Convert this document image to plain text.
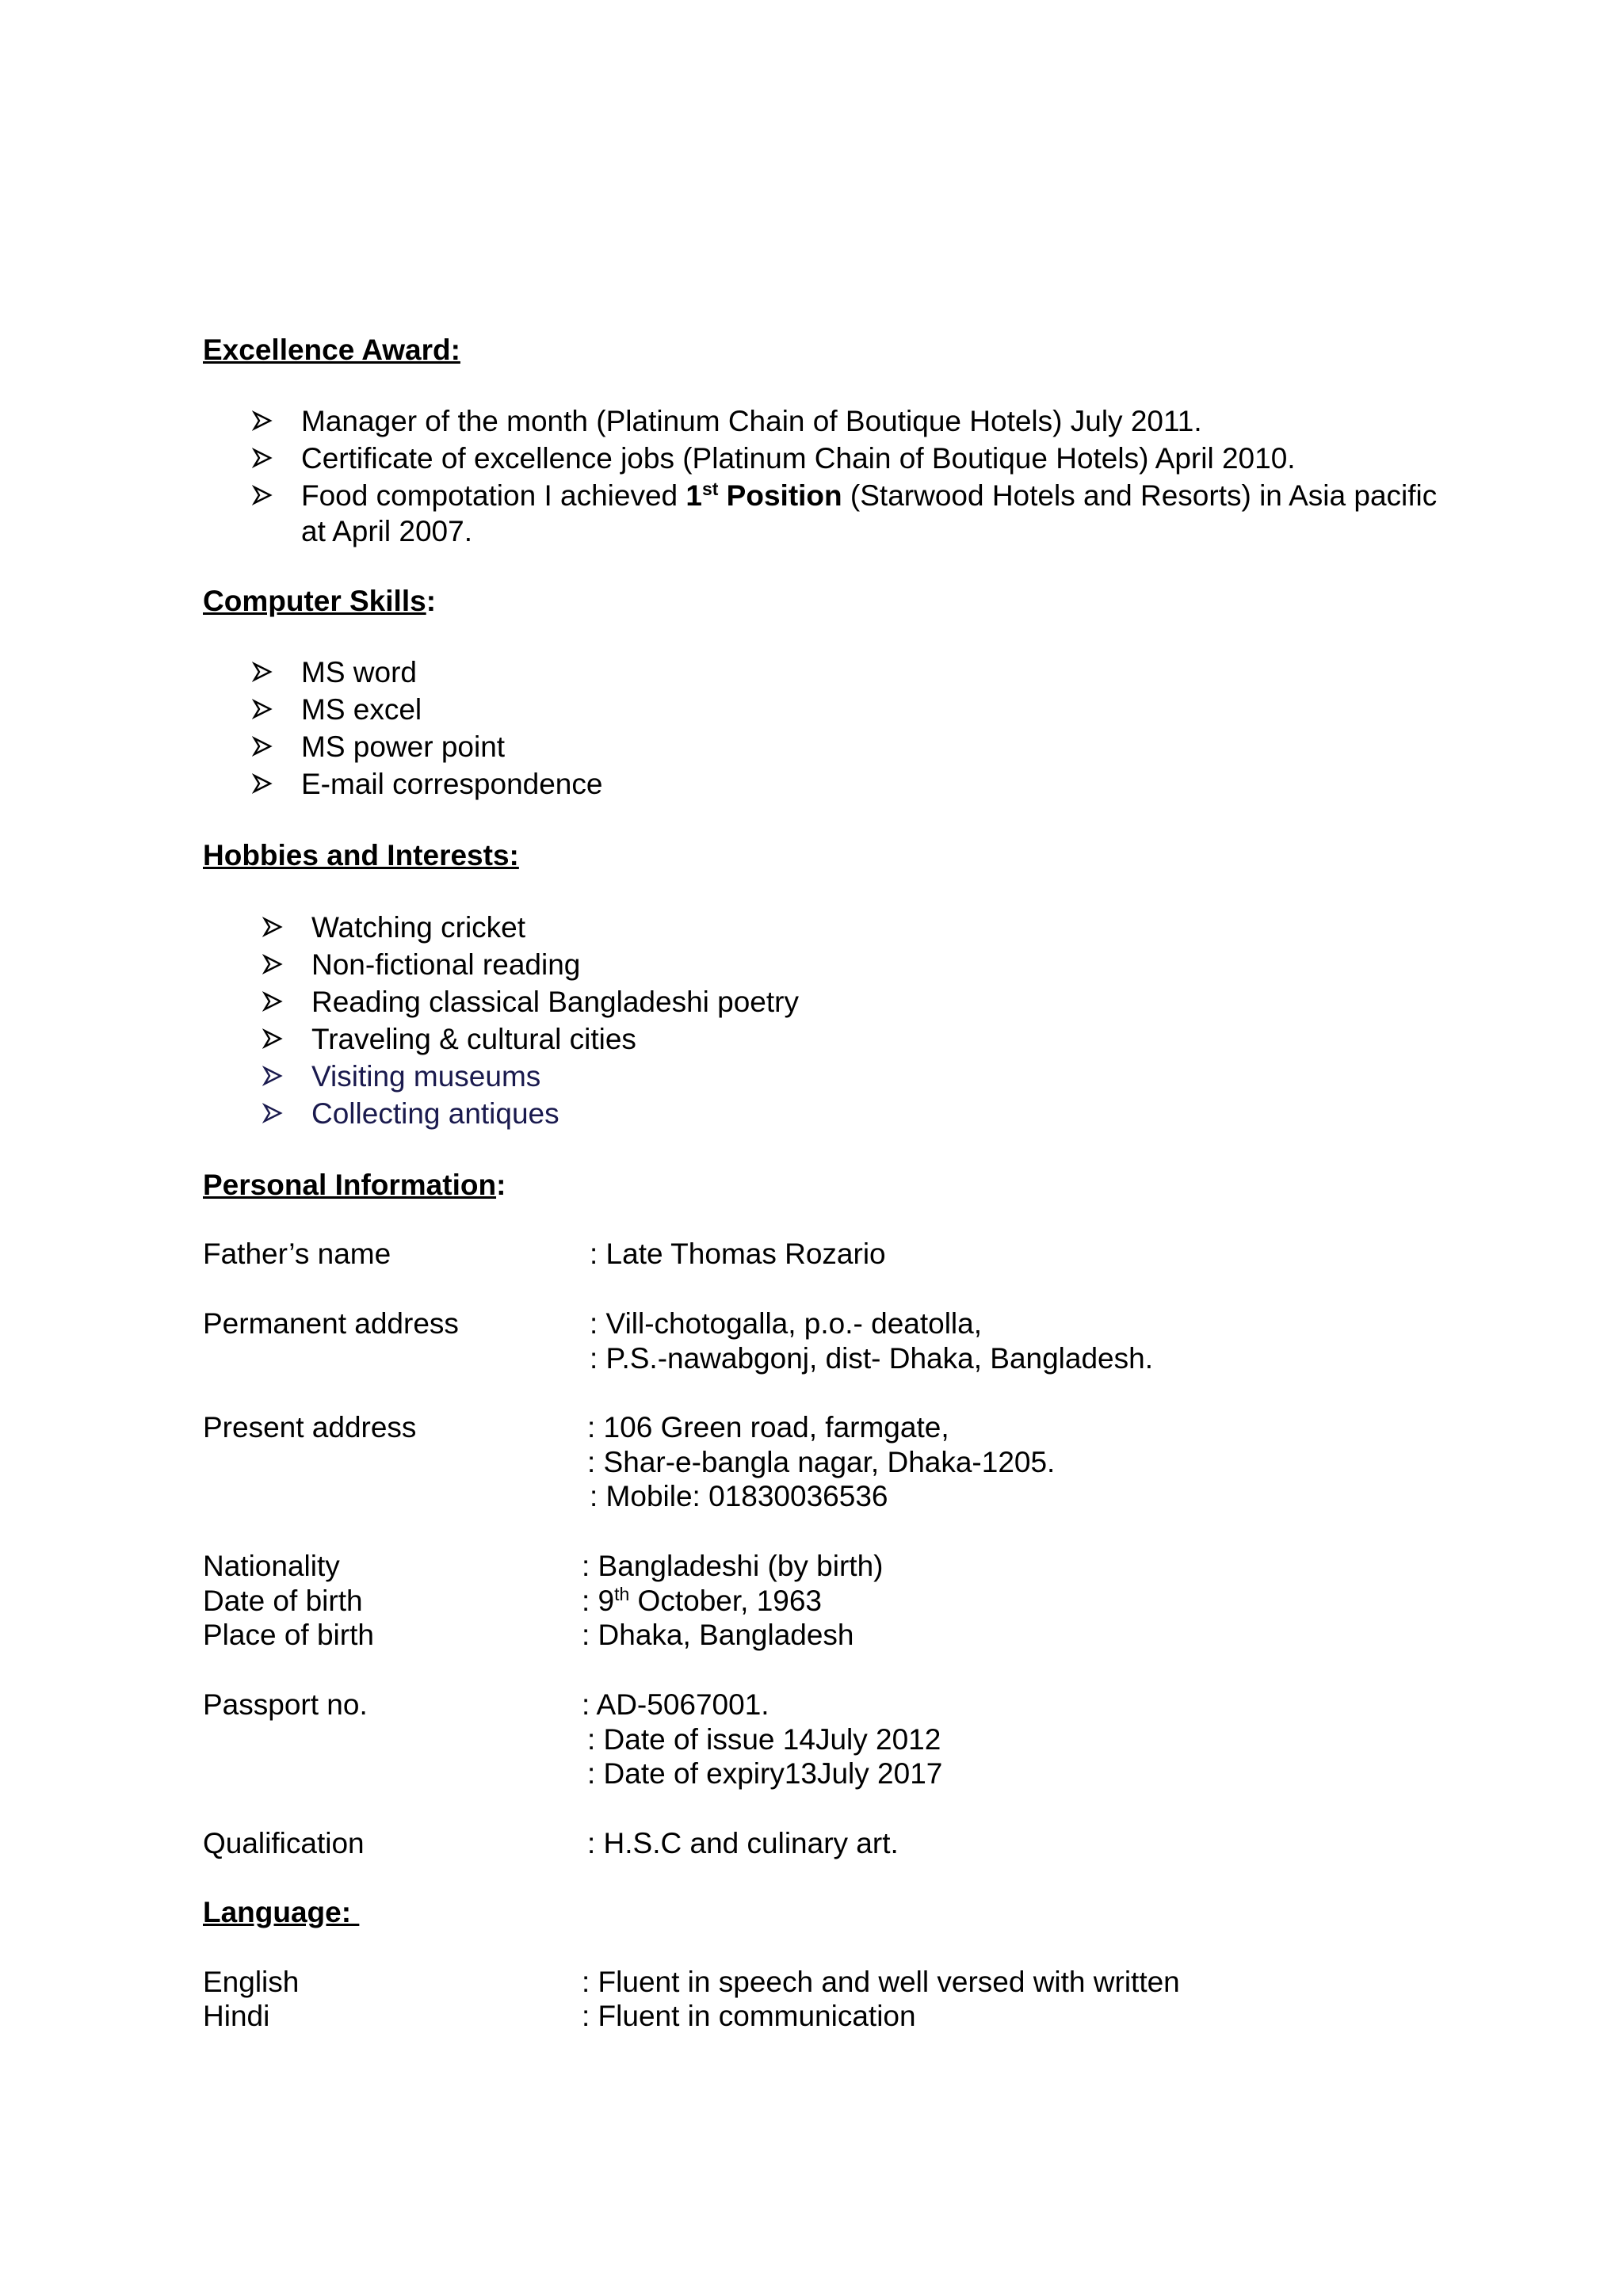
Excellence Award:
Manager of the month (Platinum Chain of Boutique Hotels) July 2011.
Certificate of excellence jobs (Platinum Chain of Boutique Hotels) April 2010.
Food compotation I achieved 1st Position (Starwood Hotels and Resorts) in Asia pacific
at April 2007.
Computer Skills:
MS word
MS excel
MS power point
E-mail correspondence
Hobbies and Interests:
Watching cricket
Non-fictional reading
Reading classical Bangladeshi poetry
Traveling & cultural cities
Visiting museums
Collecting antiques
Personal Information:
Father’s name	: Late Thomas Rozario
Permanent address	: Vill-chotogalla, p.o.- deatolla,
: P.S.-nawabgonj, dist- Dhaka, Bangladesh.
Present address	: 106 Green road, farmgate,
: Shar-e-bangla nagar, Dhaka-1205.
: Mobile: 01830036536
Nationality	: Bangladeshi (by birth)
Date of birth	: 9th October, 1963
Place of birth	: Dhaka, Bangladesh
Passport no.	: AD-5067001.
: Date of issue 14July 2012
: Date of expiry13July 2017
Qualification	: H.S.C and culinary art.
Language:
English	: Fluent in speech and well versed with written
Hindi	: Fluent in communication
